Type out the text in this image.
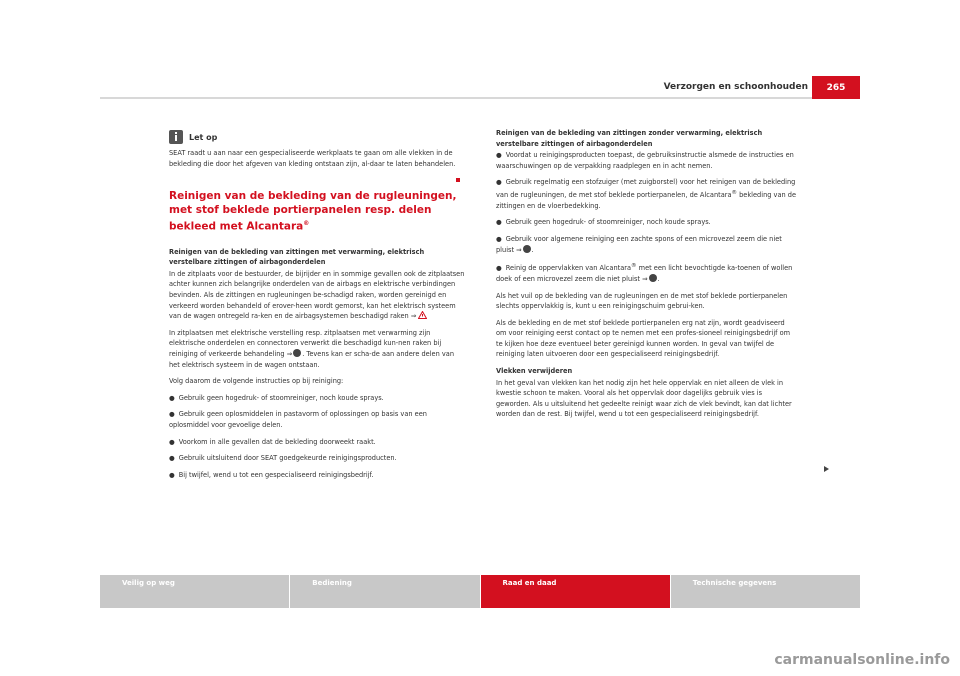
Verzorgen en schoonhouden	265
Let op

SEAT raadt u aan naar een gespecialiseerde werkplaats te gaan om alle vlekken in de bekleding die door het afgeven van kleding ontstaan zijn, al-daar te laten behandelen.

Reinigen van de bekleding van de rugleuningen, met stof beklede portierpanelen resp. delen bekleed met Alcantara®

Reinigen van de bekleding van zittingen met verwarming, elektrisch verstelbare zittingen of airbagonderdelen

In de zitplaats voor de bestuurder, de bijrijder en in sommige gevallen ook de zitplaatsen achter kunnen zich belangrijke onderdelen van de airbags en elektrische verbindingen bevinden. Als de zittingen en rugleuningen be-schadigd raken, worden gereinigd en verkeerd worden behandeld of erover-heen wordt gemorst, kan het elektrisch systeem van de wagen ontregeld ra-ken en de airbagsystemen beschadigd raken ⇒

In zitplaatsen met elektrische verstelling resp. zitplaatsen met verwarming zijn elektrische onderdelen en connectoren verwerkt die beschadigd kun-nen raken bij reiniging of verkeerde behandeling ⇒ . Tevens kan er scha-de aan andere delen van het elektrisch systeem in de wagen ontstaan.

Volg daarom de volgende instructies op bij reiniging:

● Gebruik geen hogedruk- of stoomreiniger, noch koude sprays.

● Gebruik geen oplosmiddelen in pastavorm of oplossingen op basis van een oplosmiddel voor gevoelige delen.

● Voorkom in alle gevallen dat de bekleding doorweekt raakt.

● Gebruik uitsluitend door SEAT goedgekeurde reinigingsproducten.

● Bij twijfel, wend u tot een gespecialiseerd reinigingsbedrijf.

Reinigen van de bekleding van zittingen zonder verwarming, elektrisch verstelbare zittingen of airbagonderdelen

● Voordat u reinigingsproducten toepast, de gebruiksinstructie alsmede de instructies en waarschuwingen op de verpakking raadplegen en in acht nemen.

● Gebruik regelmatig een stofzuiger (met zuigborstel) voor het reinigen van de bekleding van de rugleuningen, de met stof beklede portierpanelen, de Alcantara® bekleding van de zittingen en de vloerbedekking.

● Gebruik geen hogedruk- of stoomreiniger, noch koude sprays.

● Gebruik voor algemene reiniging een zachte spons of een microvezel zeem die niet pluist ⇒ .

● Reinig de oppervlakken van Alcantara® met een licht bevochtigde ka-toenen of wollen doek of een microvezel zeem die niet pluist ⇒ .

Als het vuil op de bekleding van de rugleuningen en de met stof beklede portierpanelen slechts oppervlakkig is, kunt u een reinigingschuim gebrui-ken.

Als de bekleding en de met stof beklede portierpanelen erg nat zijn, wordt geadviseerd om voor reiniging eerst contact op te nemen met een profes-sioneel reinigingsbedrijf om te kijken hoe deze eventueel beter gereinigd kunnen worden. In geval van twijfel de reiniging laten uitvoeren door een gespecialiseerd reinigingsbedrijf.

Vlekken verwijderen

In het geval van vlekken kan het nodig zijn het hele oppervlak en niet alleen de vlek in kwestie schoon te maken. Vooral als het oppervlak door dagelijks gebruik vies is geworden. Als u uitsluitend het gedeelte reinigt waar zich de vlek bevindt, kan dat lichter worden dan de rest. Bij twijfel, wend u tot een gespecialiseerd reinigingsbedrijf.

Veilig op weg	Bediening	Raad en daad	Technische gegevens
carmanualsonline.info
